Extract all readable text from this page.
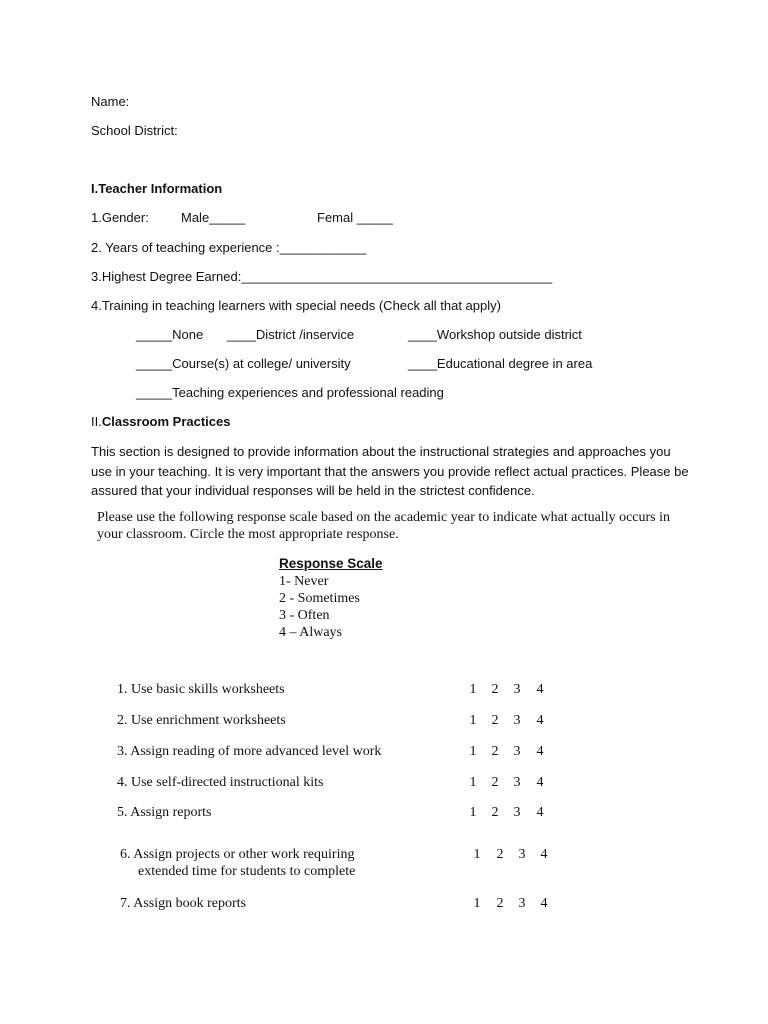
Name:
School District:
I.Teacher Information
1.Gender: Male_____	Femal _____
2. Years of teaching experience :____________
3.Highest Degree Earned:___________________________________________
4.Training in teaching learners with special needs (Check all that apply)
_____None ____District /inservice	____Workshop outside district
_____Course(s) at college/ university	____Educational degree in area
_____Teaching experiences and professional reading
II.Classroom Practices
This section is designed to provide information about the instructional strategies and approaches you
use in your teaching. It is very important that the answers you provide reflect actual practices. Please be
assured that your individual responses will be held in the strictest confidence.
Please use the following response scale based on the academic year to indicate what actually occurs in
your classroom. Circle the most appropriate response.
Response Scale
1- Never
2 - Sometimes
3 - Often
4 – Always
1. Use basic skills worksheets	1 2 3 4
2. Use enrichment worksheets	1 2 3 4
3. Assign reading of more advanced level work	1 2 3 4
4. Use self-directed instructional kits	1 2 3 4
5. Assign reports	1 2 3 4
6. Assign projects or other work requiring
extended time for students to complete
1 2 3 4
7. Assign book reports	1 2 3 4
